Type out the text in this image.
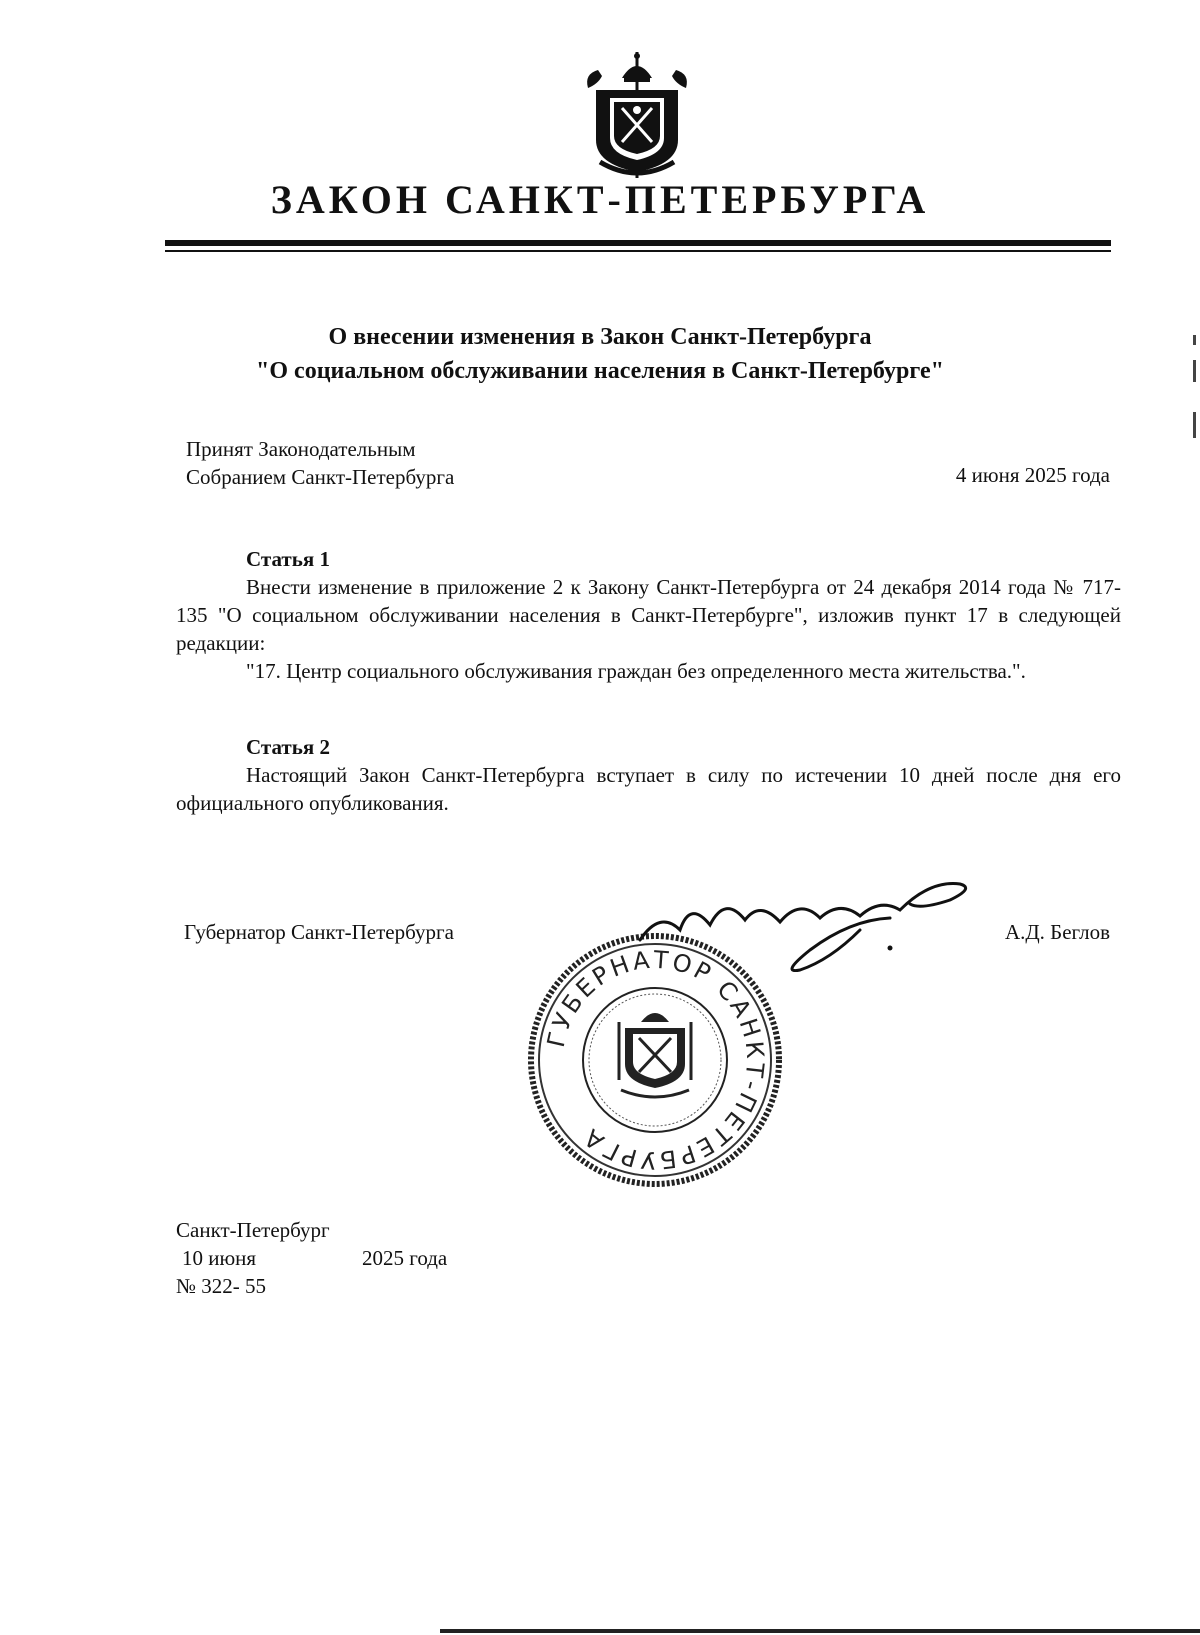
ЗАКОН САНКТ-ПЕТЕРБУРГА
О внесении изменения в Закон Санкт-Петербурга
"О социальном обслуживании населения в Санкт-Петербурге"
Принят Законодательным
Собранием Санкт-Петербурга	4 июня 2025 года
Статья 1
Внести изменение в приложение 2 к Закону Санкт-Петербурга от 24 декабря 2014 года № 717-135 "О социальном обслуживании населения в Санкт-Петербурге", изложив пункт 17 в следующей редакции:
"17. Центр социального обслуживания граждан без определенного места жительства.".
Статья 2
Настоящий Закон Санкт-Петербурга вступает в силу по истечении 10 дней после дня его официального опубликования.
Губернатор Санкт-Петербурга	А.Д. Беглов
ГУБЕРНАТОР САНКТ-ПЕТЕРБУРГА
Санкт-Петербург
10 июня	2025 года
№ 322- 55
